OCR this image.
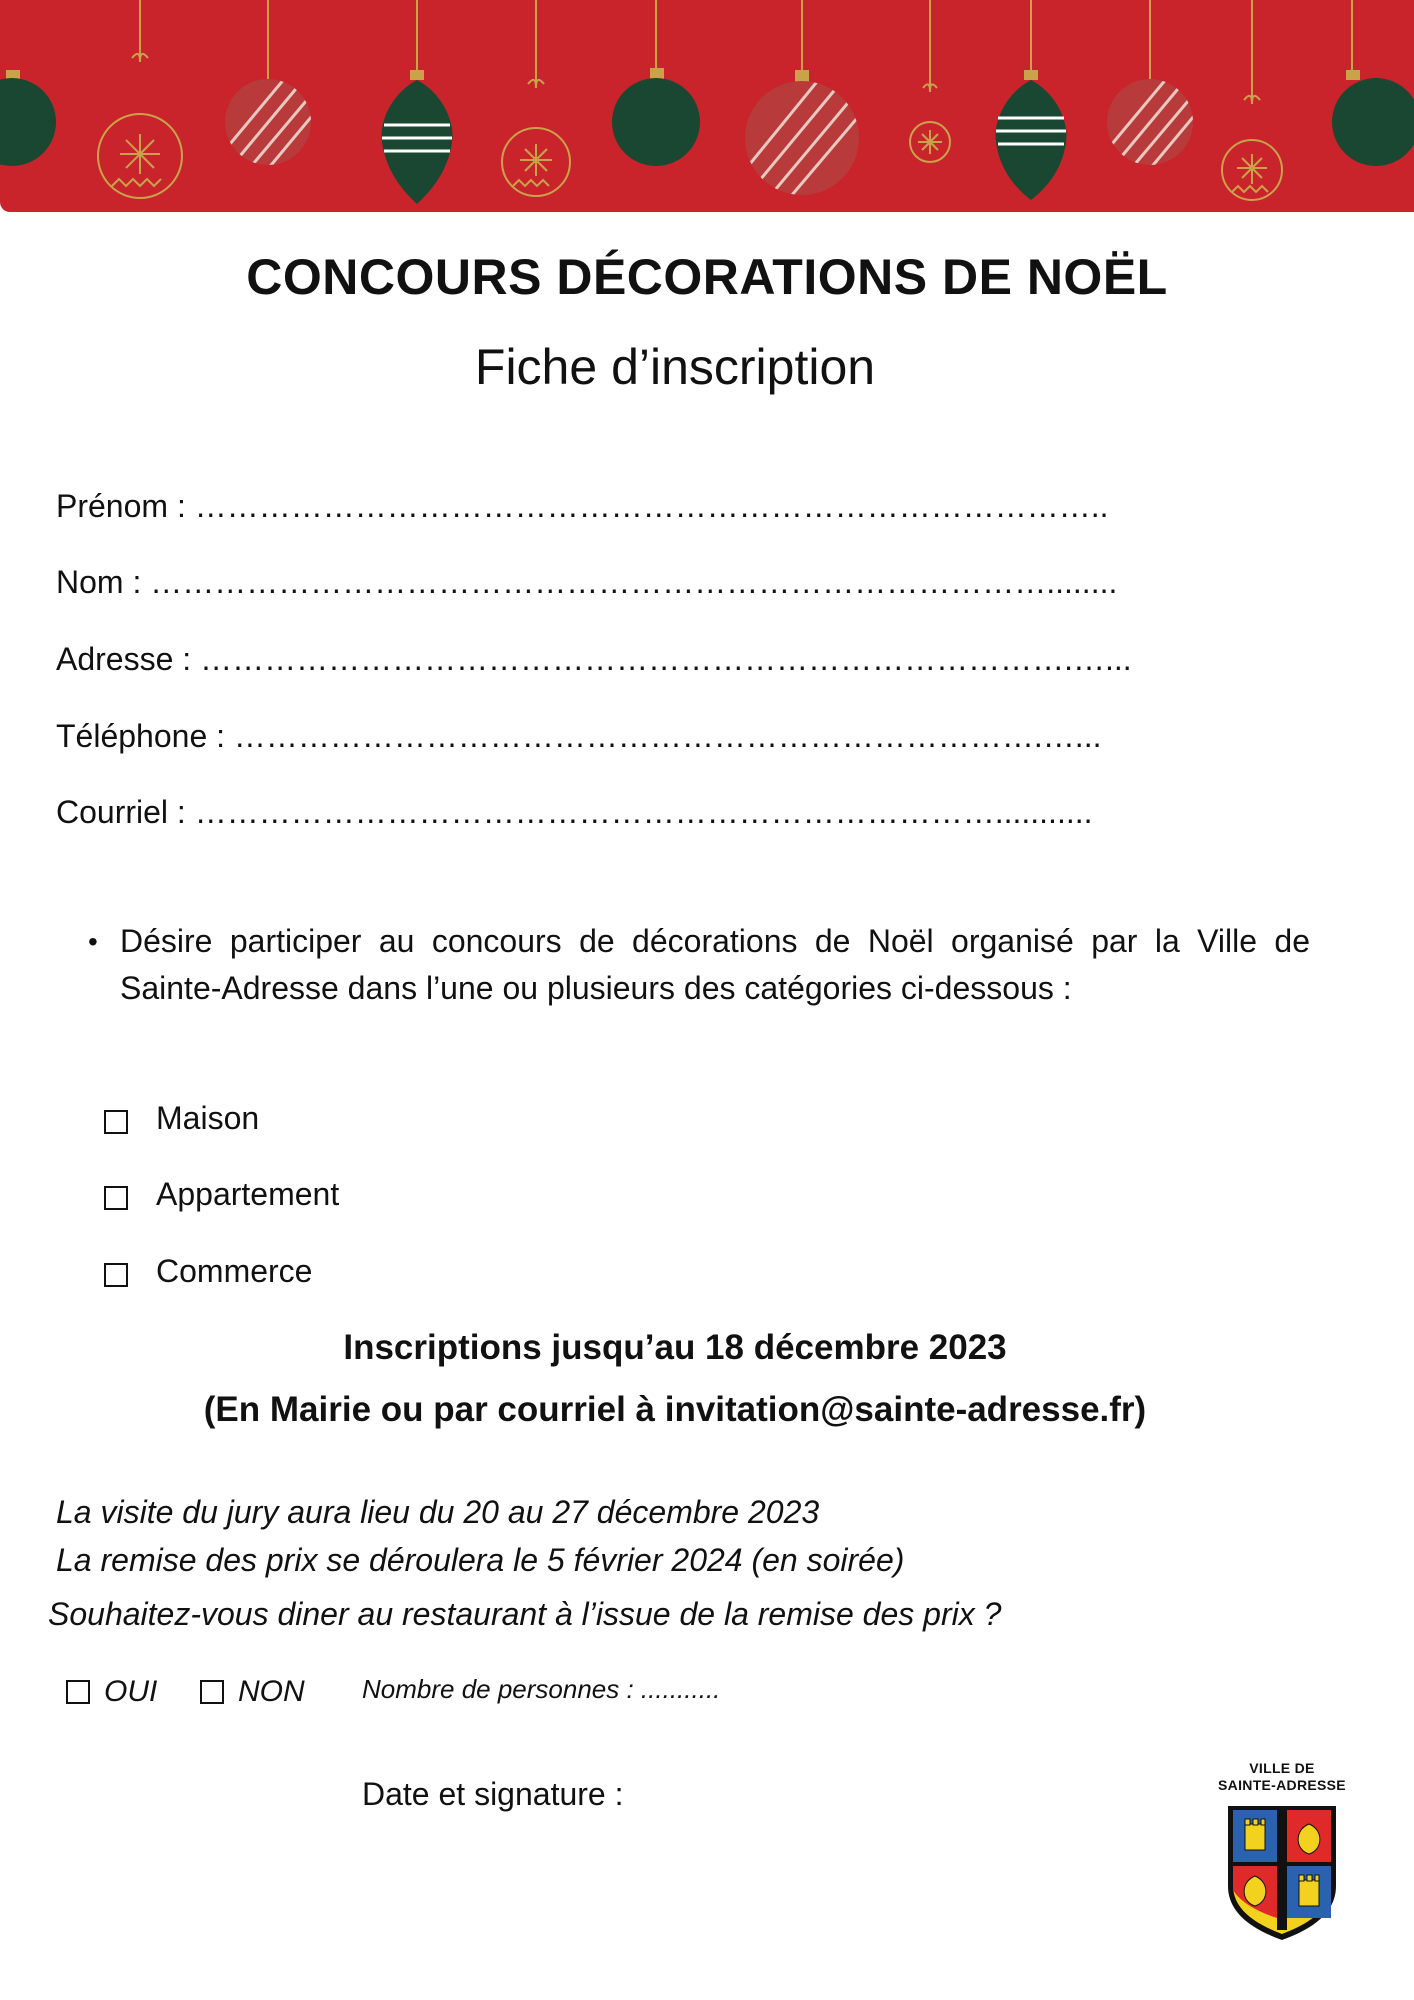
CONCOURS DÉCORATIONS DE NOËL
Fiche d’inscription
Prénom : …………………………………………………………………………..
Nom : …………………………………………………………………………........
Adresse : ……………………………………………………………………….…...
Téléphone : ………………………………………………………………….…...
Courriel : …………………………………………………………………...........
• Désire participer au concours de décorations de Noël organisé par la Ville de Sainte-Adresse dans l’une ou plusieurs des catégories ci-dessous :
Maison
Appartement
Commerce
Inscriptions jusqu’au 18 décembre 2023
(En Mairie ou par courriel à invitation@sainte-adresse.fr)
La visite du jury aura lieu du 20 au 27 décembre 2023
La remise des prix se déroulera le 5 février 2024 (en soirée)
Souhaitez-vous diner au restaurant à l’issue de la remise des prix ?
OUI	NON Nombre de personnes : ...........
Date et signature :
VILLE DE
SAINTE-ADRESSE
